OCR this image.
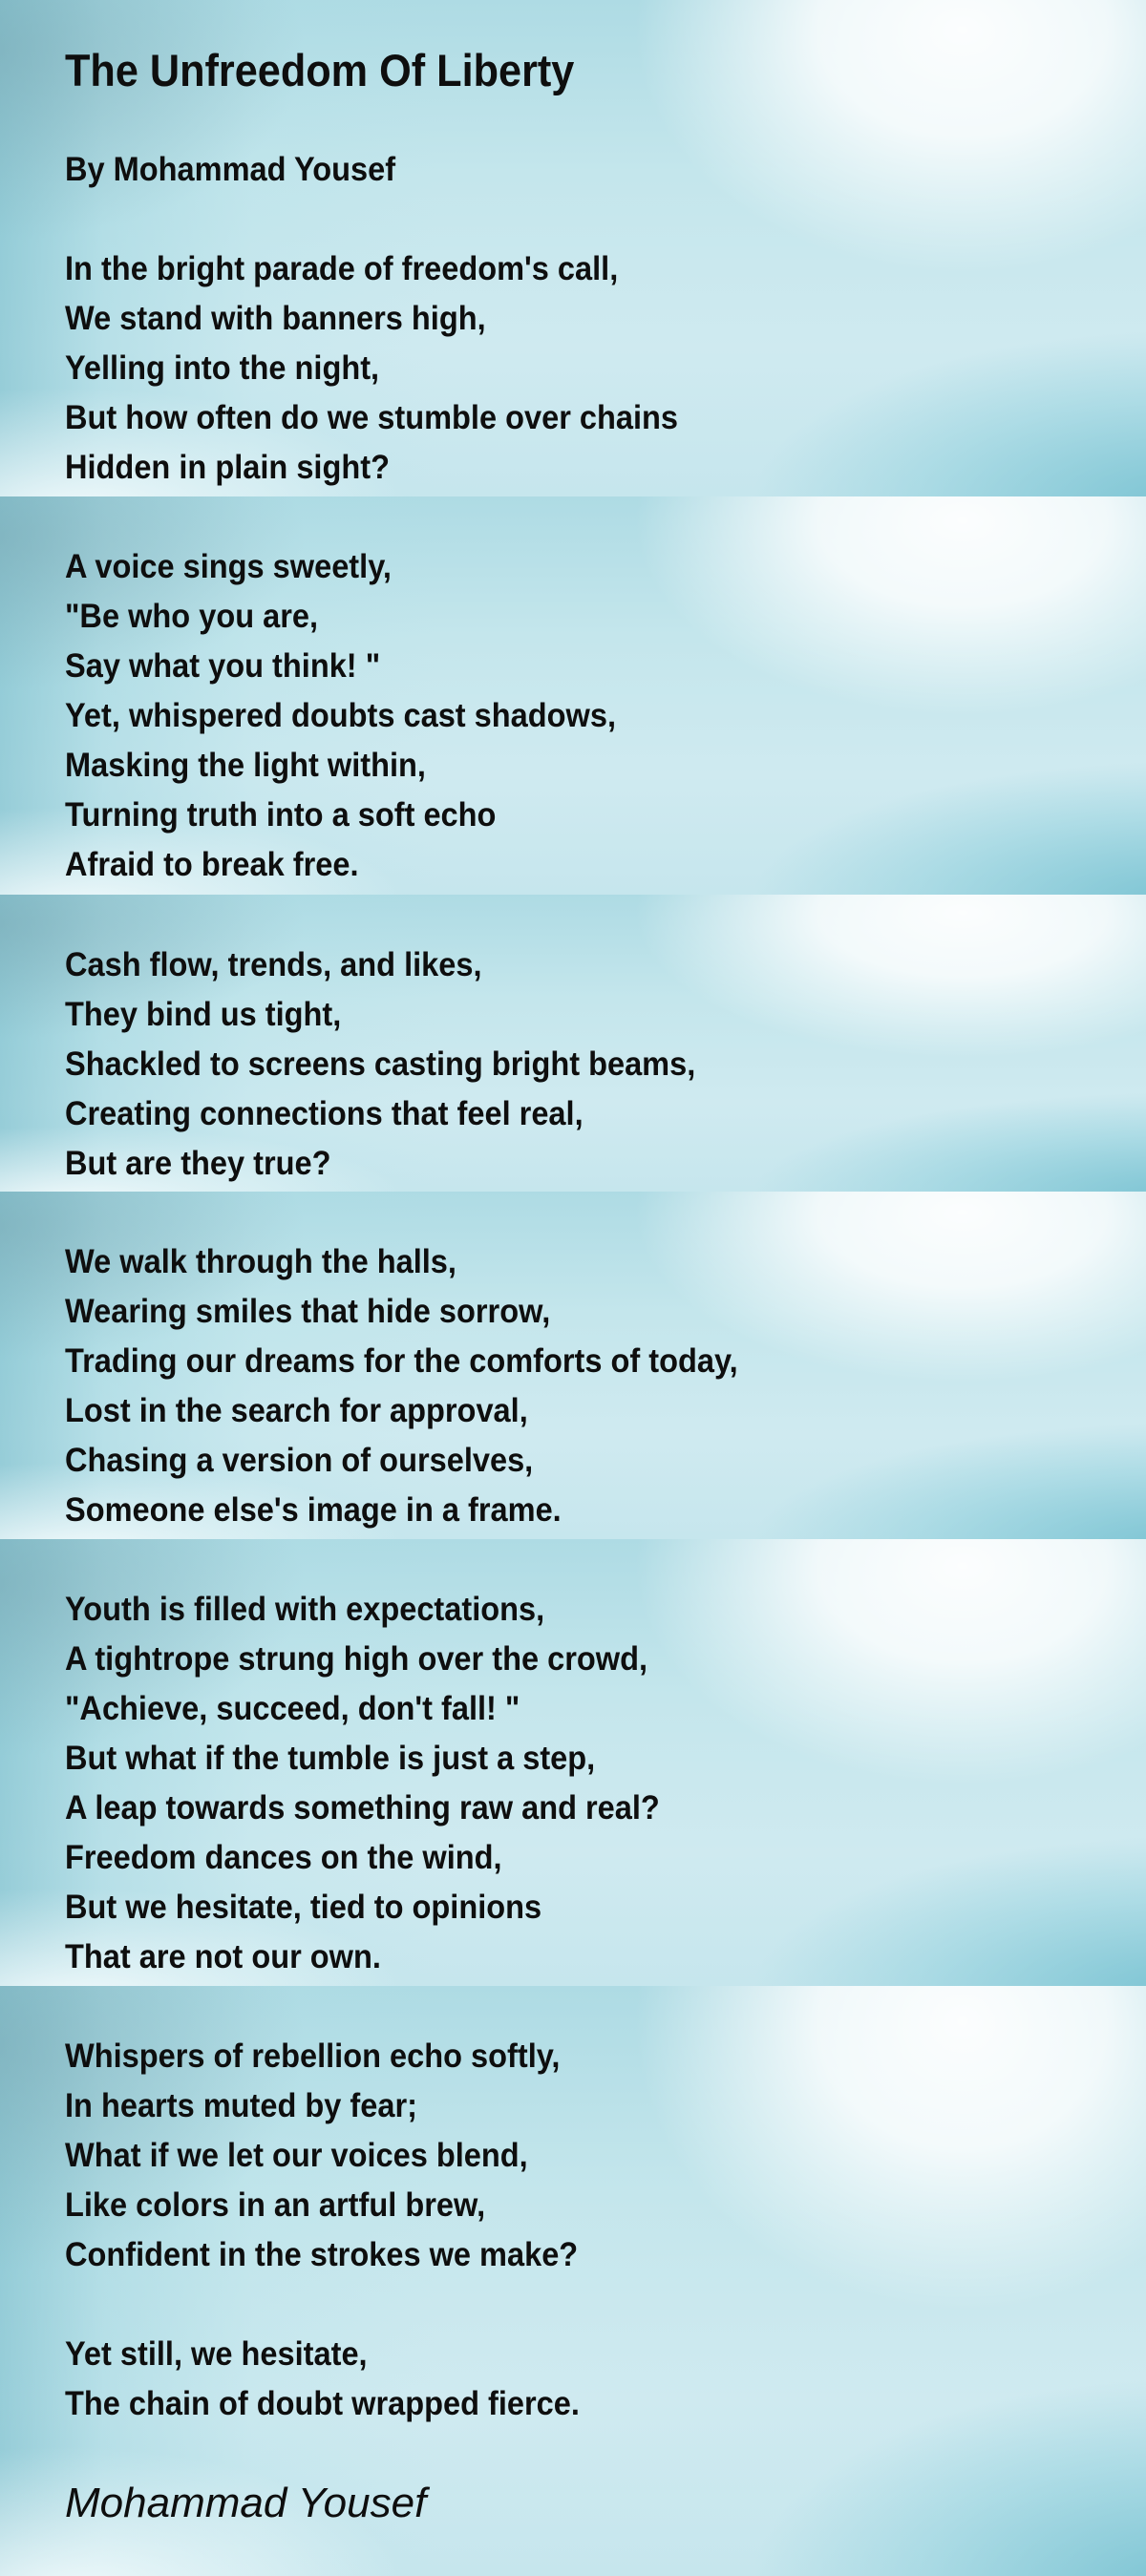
The Unfreedom Of Liberty
By Mohammad Yousef
In the bright parade of freedom's call,
We stand with banners high,
Yelling into the night,
But how often do we stumble over chains
Hidden in plain sight?
A voice sings sweetly,
"Be who you are,
Say what you think! "
Yet, whispered doubts cast shadows,
Masking the light within,
Turning truth into a soft echo
Afraid to break free.
Cash flow, trends, and likes,
They bind us tight,
Shackled to screens casting bright beams,
Creating connections that feel real,
But are they true?
We walk through the halls,
Wearing smiles that hide sorrow,
Trading our dreams for the comforts of today,
Lost in the search for approval,
Chasing a version of ourselves,
Someone else's image in a frame.
Youth is filled with expectations,
A tightrope strung high over the crowd,
"Achieve, succeed, don't fall! "
But what if the tumble is just a step,
A leap towards something raw and real?
Freedom dances on the wind,
But we hesitate, tied to opinions
That are not our own.
Whispers of rebellion echo softly,
In hearts muted by fear;
What if we let our voices blend,
Like colors in an artful brew,
Confident in the strokes we make?
Yet still, we hesitate,
The chain of doubt wrapped fierce.
Mohammad Yousef
